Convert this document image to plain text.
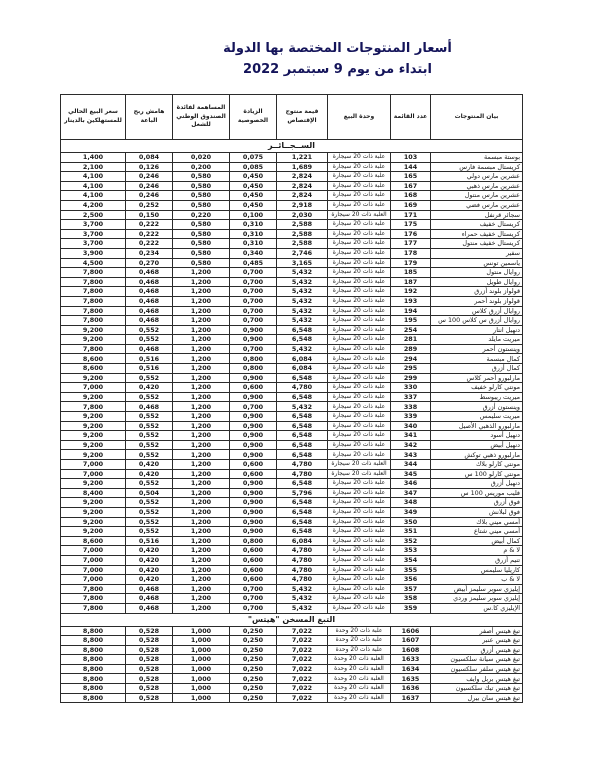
أسعار المنتوجات المختصة بها الدولة
ابتداء من يوم 9 سبتمبر 2022
بيان المنتوجات	عدد القائمة	وحدة البيع	قيمة منتوج الإقتصاص	الزيادة الخصوصية	المساهمة لفائدة الصندوق الوطني للشغل	هامش ربح الباعة	سعر البيع الحالي للمستهلكين بالدينار
الســجــائــر							
بوستة مبسمة	103	علبة ذات 20 سيجارة	1,221	0,075	0,020	0,084	1,400
كريستال مبسمة فارس	144	علبة ذات 20 سيجارة	1,689	0,085	0,200	0,126	2,100
عشرين مارس دولي	165	علبة ذات 20 سيجارة	2,824	0,450	0,580	0,246	4,100
عشرين مارس ذهبي	167	علبة ذات 20 سيجارة	2,824	0,450	0,580	0,246	4,100
عشرين مارس منتول	168	علبة ذات 20 سيجارة	2,824	0,450	0,580	0,246	4,100
عشرين مارس فضي	169	علبة ذات 20 سيجارة	2,918	0,450	0,580	0,252	4,200
سجائر قرنفل	171	العلبة ذات 20 سيجارة	2,030	0,100	0,220	0,150	2,500
كريستال خفيف	175	علبة ذات 20 سيجارة	2,588	0,310	0,580	0,222	3,700
كريستال خفيف حمراء	176	علبة ذات 20 سيجارة	2,588	0,310	0,580	0,222	3,700
كريستال خفيف منتول	177	علبة ذات 20 سيجارة	2,588	0,310	0,580	0,222	3,700
سفير	178	علبة ذات 20 سيجارة	2,746	0,340	0,580	0,234	3,900
ياسمين تونس	179	علبة ذات 20 سيجارة	3,165	0,485	0,580	0,270	4,500
روايال منتول	185	علبة ذات 20 سيجارة	5,432	0,700	1,200	0,468	7,800
روايال طويل	187	علبة ذات 20 سيجارة	5,432	0,700	1,200	0,468	7,800
قولواز بلوند أزرق	192	علبة ذات 20 سيجارة	5,432	0,700	1,200	0,468	7,800
قولواز بلوند أحمر	193	علبة ذات 20 سيجارة	5,432	0,700	1,200	0,468	7,800
روايال أزرق كلاس	194	علبة ذات 20 سيجارة	5,432	0,700	1,200	0,468	7,800
روايال أزرق س كلاس 100 س	195	علبة ذات 20 سيجارة	5,432	0,700	1,200	0,468	7,800
دنهيل انتار	254	علبة ذات 20 سيجارة	6,548	0,900	1,200	0,552	9,200
ميريت مايلد	281	علبة ذات 20 سيجارة	6,548	0,900	1,200	0,552	9,200
وينستون أحمر	289	علبة ذات 20 سيجارة	5,432	0,700	1,200	0,468	7,800
كمال مبسمة	294	علبة ذات 20 سيجارة	6,084	0,800	1,200	0,516	8,600
كمال أزرق	295	علبة ذات 20 سيجارة	6,084	0,800	1,200	0,516	8,600
مارلبورو أحمر كلاس	299	علبة ذات 20 سيجارة	6,548	0,900	1,200	0,552	9,200
مونتي كارلو خفيف	330	علبة ذات 20 سيجارة	4,780	0,600	1,200	0,420	7,000
ميريت ريبوسط	337	علبة ذات 20 سيجارة	6,548	0,900	1,200	0,552	9,200
وينستون أزرق	338	علبة ذات 20 سيجارة	5,432	0,700	1,200	0,468	7,800
ميريت سليمس	339	علبة ذات 20 سيجارة	6,548	0,900	1,200	0,552	9,200
مارلبورو الذهبي الأصيل	340	علبة ذات 20 سيجارة	6,548	0,900	1,200	0,552	9,200
دنهيل أسود	341	علبة ذات 20 سيجارة	6,548	0,900	1,200	0,552	9,200
دنهيل أبيض	342	علبة ذات 20 سيجارة	6,548	0,900	1,200	0,552	9,200
مارلبورو ذهبي توكش	343	علبة ذات 20 سيجارة	6,548	0,900	1,200	0,552	9,200
مونتي كارلو بلاك	344	العلبة ذات 20 سيجارة	4,780	0,600	1,200	0,420	7,000
مونتي كارلو 100 س	345	العلبة ذات 20 سيجارة	4,780	0,600	1,200	0,420	7,000
دنهيل أزرق	346	علبة ذات 20 سيجارة	6,548	0,900	1,200	0,552	9,200
فليب موريس 100 س	347	علبة ذات 20 سيجارة	5,796	0,900	1,200	0,504	8,400
فوق أزرق	348	علبة ذات 20 سيجارة	6,548	0,900	1,200	0,552	9,200
فوق لبلانش	349	علبة ذات 20 سيجارة	6,548	0,900	1,200	0,552	9,200
أمسي ميني بلاك	350	علبة ذات 20 سيجارة	6,548	0,900	1,200	0,552	9,200
أمسي ميني شتاع	351	علبة ذات 20 سيجارة	6,548	0,900	1,200	0,552	9,200
كمال أبيض	352	علبة ذات 20 سيجارة	6,084	0,800	1,200	0,516	8,600
لا & م	353	علبة ذات 20 سيجارة	4,780	0,600	1,200	0,420	7,000
تنيم أزرق	354	علبة ذات 20 سيجارة	4,780	0,600	1,200	0,420	7,000
كاريليا سليمس	355	علبة ذات 20 سيجارة	4,780	0,600	1,200	0,420	7,000
لا & ب	356	علبة ذات 20 سيجارة	4,780	0,600	1,200	0,420	7,000
إيليزي سوبر سليمز أبيض	357	علبة ذات 20 سيجارة	5,432	0,700	1,200	0,468	7,800
إيليزي سوبر سليمز وردي	358	علبة ذات 20 سيجارة	5,432	0,700	1,200	0,468	7,800
الإيليزي كا.س	359	علبة ذات 20 سيجارة	5,432	0,700	1,200	0,468	7,800
التبغ المسخن "هيتس"							
تبغ هيتس أصفر	1606	علبة ذات 20 وحدة	7,022	0,250	1,000	0,528	8,800
تبغ هيتس عنبر	1607	علبة ذات 20 وحدة	7,022	0,250	1,000	0,528	8,800
تبغ هيتس أزرق	1608	علبة ذات 20 وحدة	7,022	0,250	1,000	0,528	8,800
تبغ هيتس سيانة سلكسيون	1633	العلبة ذات 20 وحدة	7,022	0,250	1,000	0,528	8,800
تبغ هيتس سلفر سلكسيون	1634	العلبة ذات 20 وحدة	7,022	0,250	1,000	0,528	8,800
تبغ هيتس بربل وايف	1635	العلبة ذات 20 وحدة	7,022	0,250	1,000	0,528	8,800
تبغ هيتس تيك سلكسيون	1636	العلبة ذات 20 وحدة	7,022	0,250	1,000	0,528	8,800
تبغ هيتس سان بيرل	1637	العلبة ذات 20 وحدة	7,022	0,250	1,000	0,528	8,800
